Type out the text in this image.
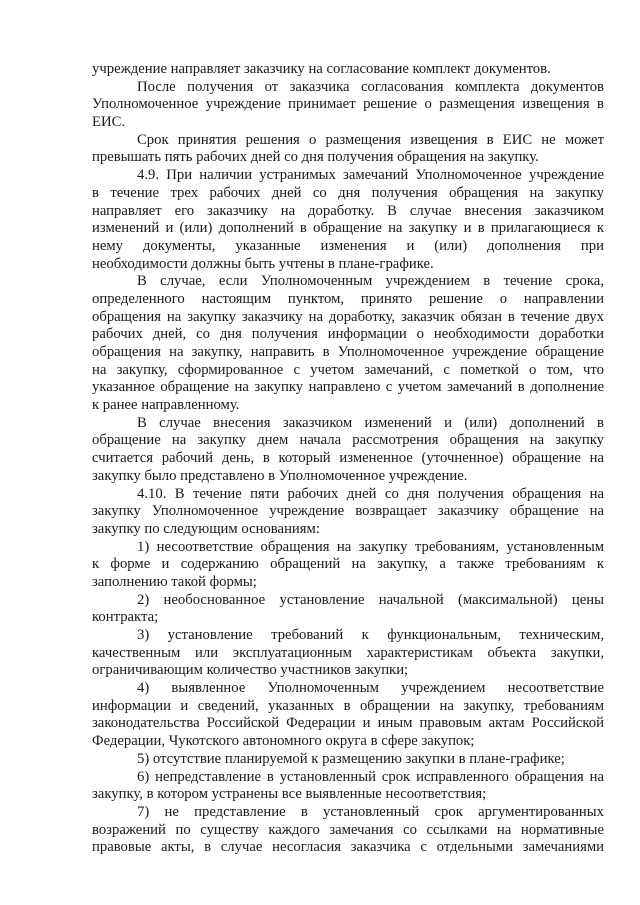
учреждение направляет заказчику на согласование комплект документов.
После получения от заказчика согласования комплекта документов
Уполномоченное учреждение принимает решение о размещения извещения в
ЕИС.
Срок принятия решения о размещения извещения в ЕИС не может
превышать пять рабочих дней со дня получения обращения на закупку.
4.9. При наличии устранимых замечаний Уполномоченное учреждение
в течение трех рабочих дней со дня получения обращения на закупку
направляет его заказчику на доработку. В случае внесения заказчиком
изменений и (или) дополнений в обращение на закупку и в прилагающиеся к
нему документы, указанные изменения и (или) дополнения при
необходимости должны быть учтены в плане-графике.
В случае, если Уполномоченным учреждением в течение срока,
определенного настоящим пунктом, принято решение о направлении
обращения на закупку заказчику на доработку, заказчик обязан в течение двух
рабочих дней, со дня получения информации о необходимости доработки
обращения на закупку, направить в Уполномоченное учреждение обращение
на закупку, сформированное с учетом замечаний, с пометкой о том, что
указанное обращение на закупку направлено с учетом замечаний в дополнение
к ранее направленному.
В случае внесения заказчиком изменений и (или) дополнений в
обращение на закупку днем начала рассмотрения обращения на закупку
считается рабочий день, в который измененное (уточненное) обращение на
закупку было представлено в Уполномоченное учреждение.
4.10. В течение пяти рабочих дней со дня получения обращения на
закупку Уполномоченное учреждение возвращает заказчику обращение на
закупку по следующим основаниям:
1) несоответствие обращения на закупку требованиям, установленным
к форме и содержанию обращений на закупку, а также требованиям к
заполнению такой формы;
2) необоснованное установление начальной (максимальной) цены
контракта;
3) установление требований к функциональным, техническим,
качественным или эксплуатационным характеристикам объекта закупки,
ограничивающим количество участников закупки;
4) выявленное Уполномоченным учреждением несоответствие
информации и сведений, указанных в обращении на закупку, требованиям
законодательства Российской Федерации и иным правовым актам Российской
Федерации, Чукотского автономного округа в сфере закупок;
5) отсутствие планируемой к размещению закупки в плане-графике;
6) непредставление в установленный срок исправленного обращения на
закупку, в котором устранены все выявленные несоответствия;
7) не представление в установленный срок аргументированных
возражений по существу каждого замечания со ссылками на нормативные
правовые акты, в случае несогласия заказчика с отдельными замечаниями
